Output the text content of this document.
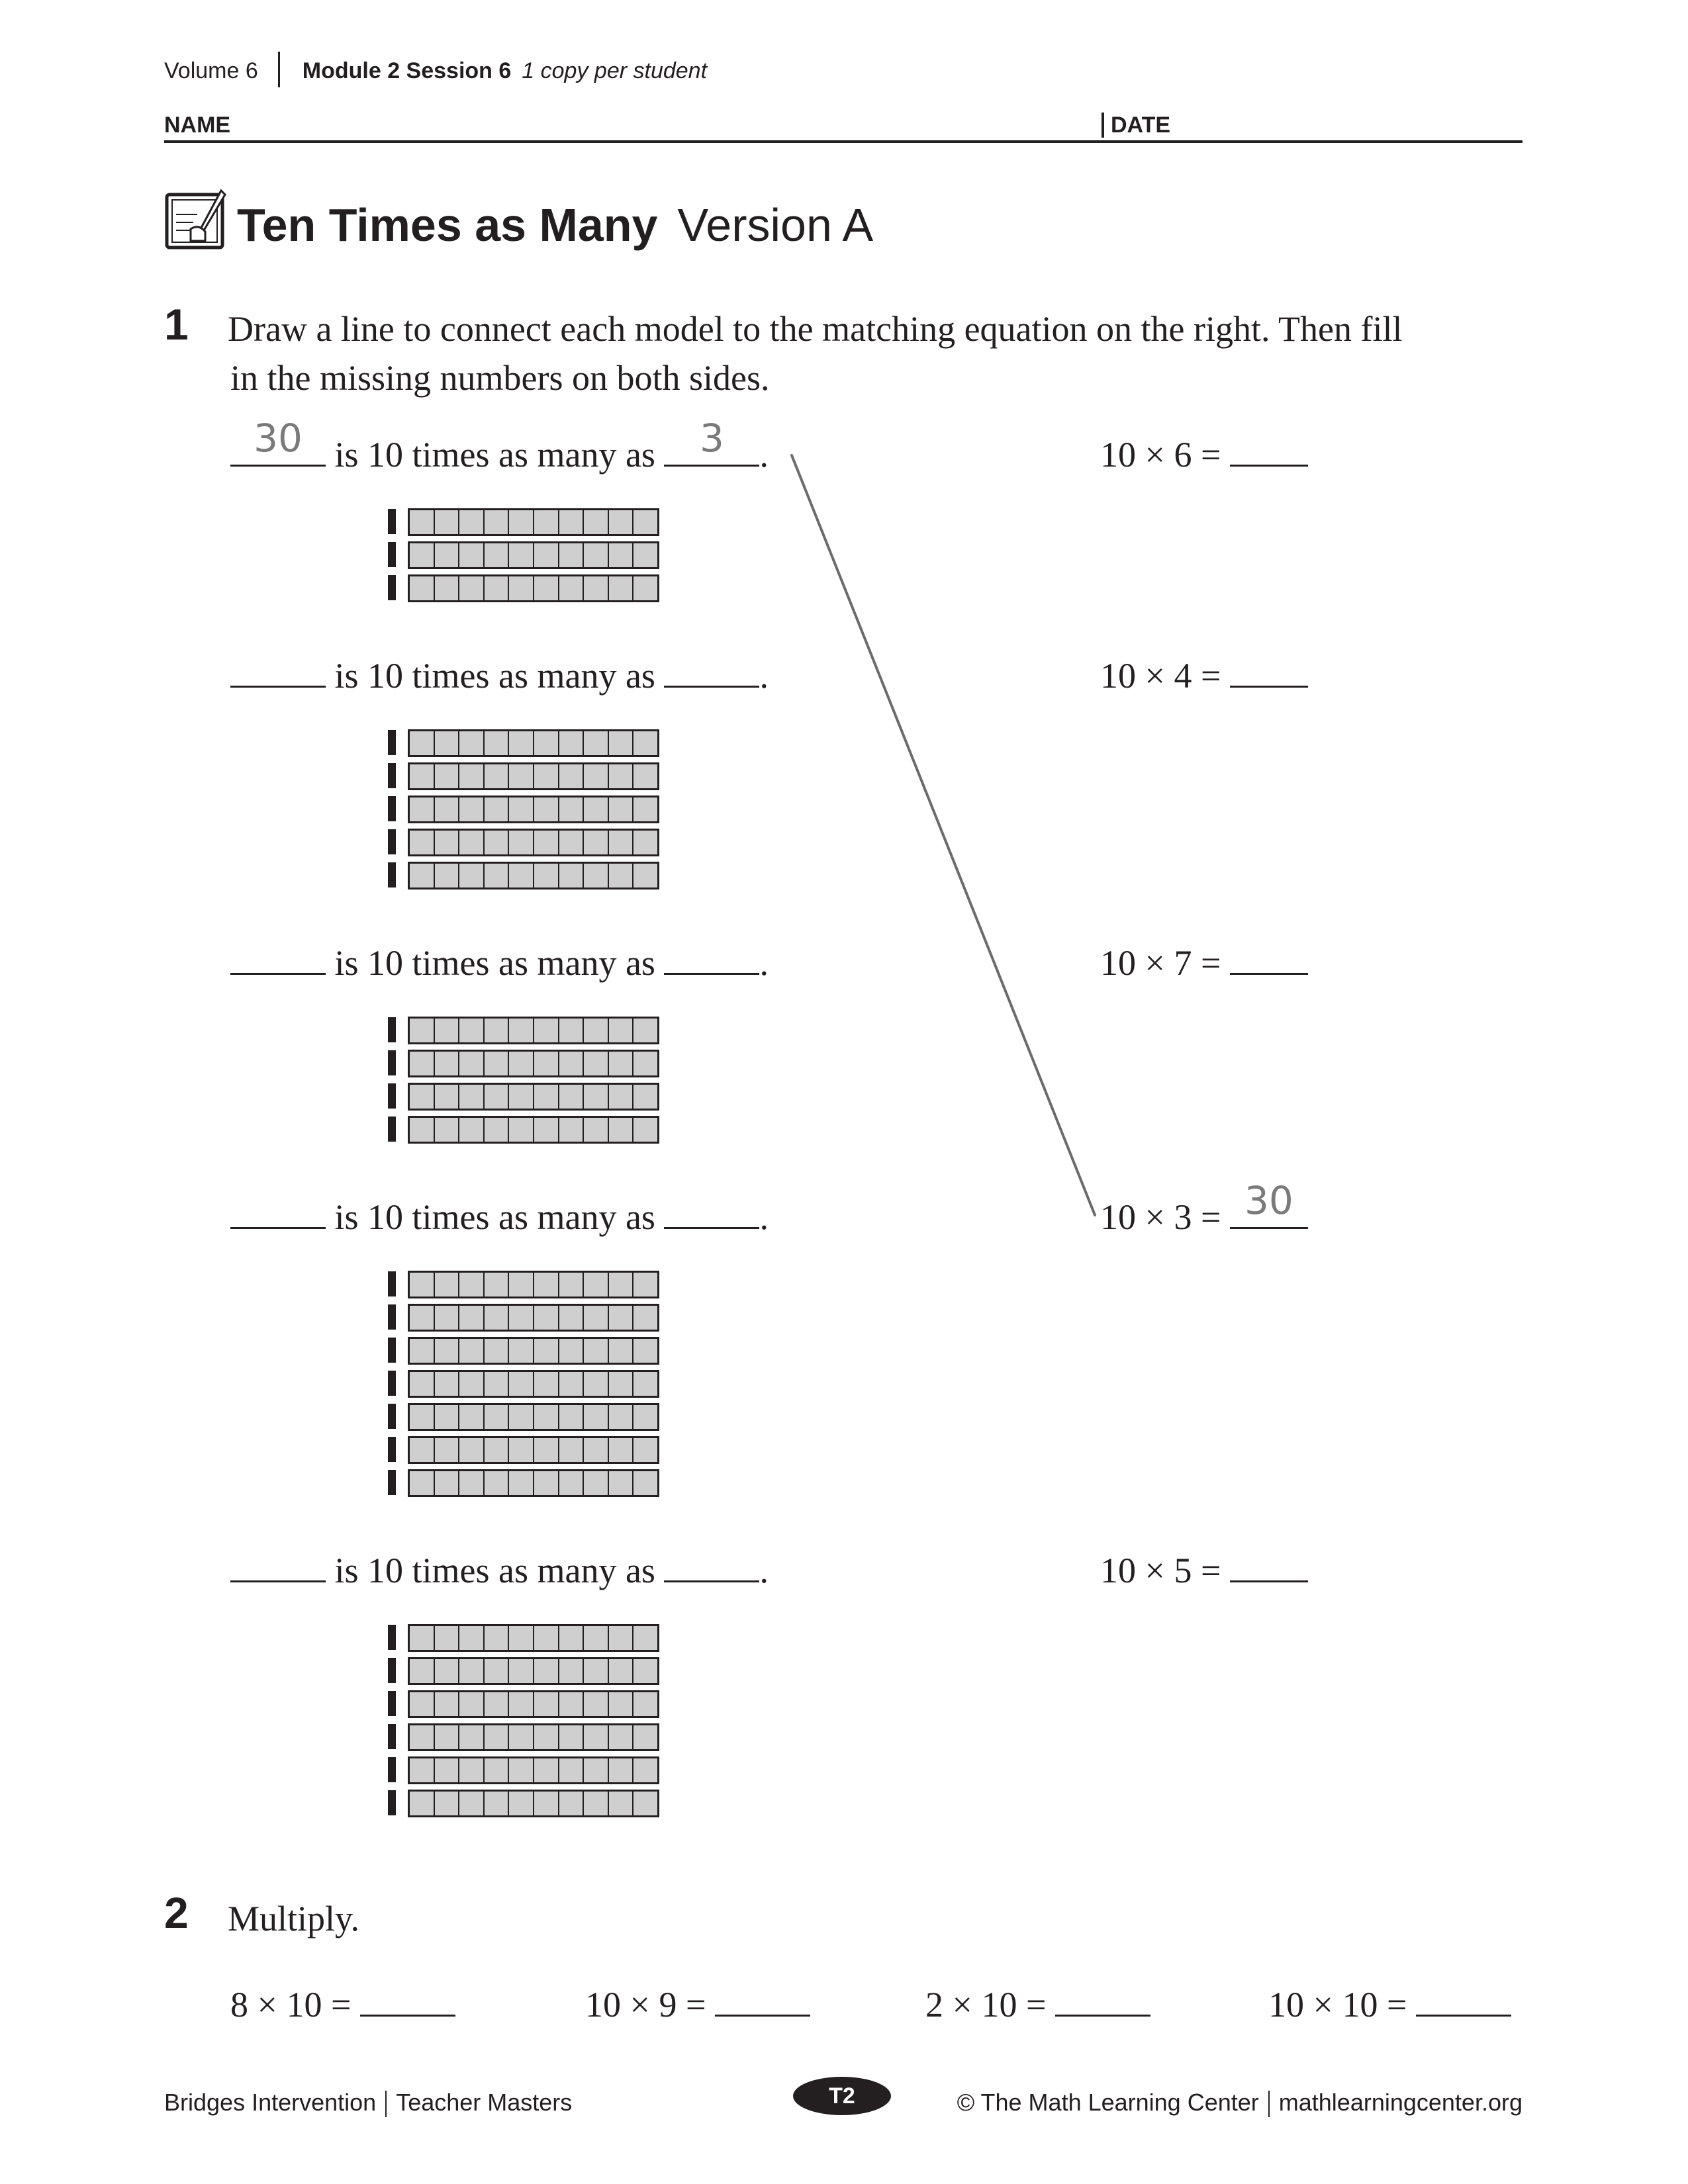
Volume 6 Module 2 Session 6 1 copy per student
NAME	DATE
Ten Times as Many Version A
1 Draw a line to connect each model to the matching equation on the right. Then fill
in the missing numbers on both sides.
30 is 10 times as many as	3 .
is 10 times as many as	.
is 10 times as many as	.
is 10 times as many as	.
is 10 times as many as	.
10 × 6 =
10 × 4 =
10 × 7 =
10 × 3 = 30
10 × 5 =
2 Multiply.
8 × 10 =	10 × 9 =	2 × 10 =	10 × 10 =
Bridges Intervention Teacher Masters	T2	© The Math Learning Center mathlearningcenter.org
